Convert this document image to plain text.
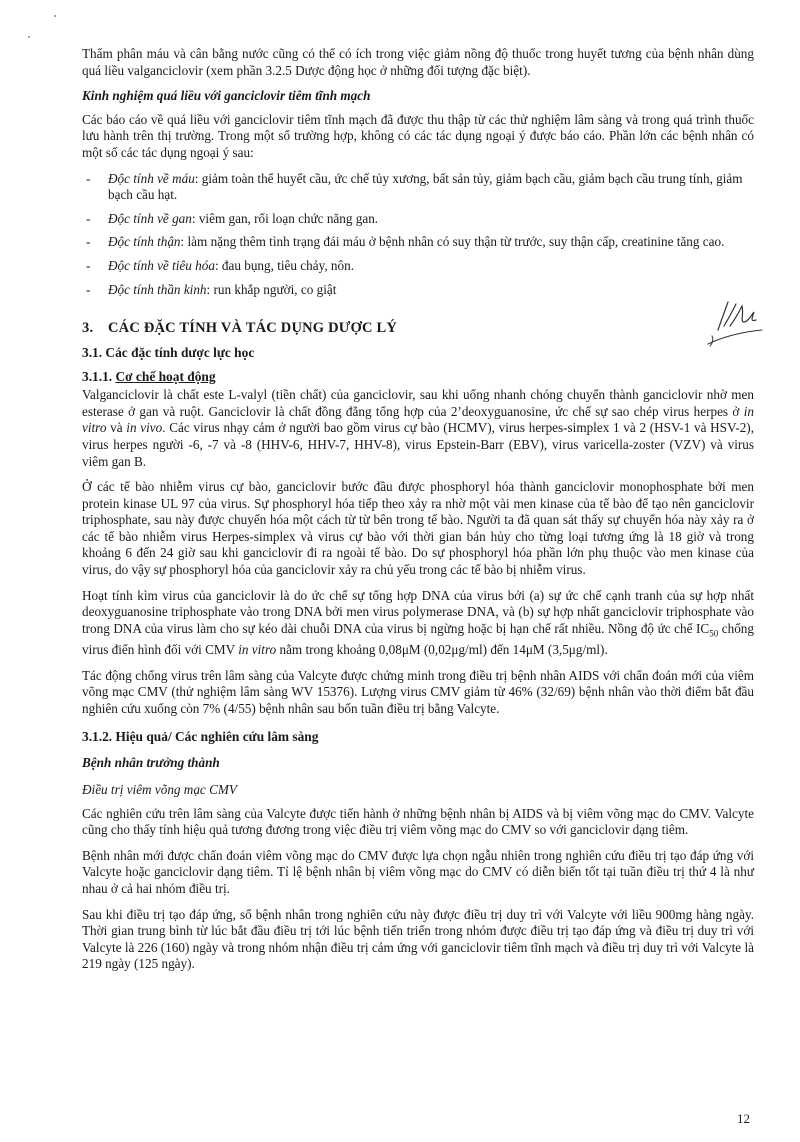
Thẩm phân máu và cân bằng nước cũng có thể có ích trong việc giảm nồng độ thuốc trong huyết tương của bệnh nhân dùng quá liều valganciclovir (xem phần 3.2.5 Dược động học ở những đối tượng đặc biệt).

Kinh nghiệm quá liều với ganciclovir tiêm tĩnh mạch

Các báo cáo về quá liều với ganciclovir tiêm tĩnh mạch đã được thu thập từ các thử nghiệm lâm sàng và trong quá trình thuốc lưu hành trên thị trường. Trong một số trường hợp, không có các tác dụng ngoại ý được báo cáo. Phần lớn các bệnh nhân có một số các tác dụng ngoại ý sau:

- Độc tính về máu: giảm toàn thể huyết cầu, ức chế tủy xương, bất sản tủy, giảm bạch cầu, giảm bạch cầu trung tính, giảm bạch cầu hạt.
- Độc tính về gan: viêm gan, rối loạn chức năng gan.
- Độc tính thận: làm nặng thêm tình trạng đái máu ở bệnh nhân có suy thận từ trước, suy thận cấp, creatinine tăng cao.
- Độc tính về tiêu hóa: đau bụng, tiêu chảy, nôn.
- Độc tính thần kinh: run khắp người, co giật
3. CÁC ĐẶC TÍNH VÀ TÁC DỤNG DƯỢC LÝ
3.1. Các đặc tính dược lực học
3.1.1. Cơ chế hoạt động

Valganciclovir là chất este L-valyl (tiền chất) của ganciclovir, sau khi uống nhanh chóng chuyển thành ganciclovir nhờ men esterase ở gan và ruột. Ganciclovir là chất đồng đẳng tổng hợp của 2’deoxyguanosine, ức chế sự sao chép virus herpes ở in vitro và in vivo. Các virus nhạy cảm ở người bao gồm virus cự bào (HCMV), virus herpes-simplex 1 và 2 (HSV-1 và HSV-2), virus herpes người -6, -7 và -8 (HHV-6, HHV-7, HHV-8), virus Epstein-Barr (EBV), virus varicella-zoster (VZV) và virus viêm gan B.

Ở các tế bào nhiễm virus cự bào, ganciclovir bước đầu được phosphoryl hóa thành ganciclovir monophosphate bởi men protein kinase UL 97 của virus. Sự phosphoryl hóa tiếp theo xảy ra nhờ một vài men kinase của tế bào để tạo nên ganciclovir triphosphate, sau này được chuyển hóa một cách từ từ bên trong tế bào. Người ta đã quan sát thấy sự chuyển hóa này xảy ra ở các tế bào nhiễm virus Herpes-simplex và virus cự bào với thời gian bán hủy cho từng loại tương ứng là 18 giờ và trong khoảng 6 đến 24 giờ sau khi ganciclovir đi ra ngoài tế bào. Do sự phosphoryl hóa phần lớn phụ thuộc vào men kinase của virus, do vậy sự phosphoryl hóa của ganciclovir xảy ra chủ yếu trong các tế bào bị nhiễm virus.

Hoạt tính kìm virus của ganciclovir là do ức chế sự tổng hợp DNA của virus bởi (a) sự ức chế cạnh tranh của sự hợp nhất deoxyguanosine triphosphate vào trong DNA bởi men virus polymerase DNA, và (b) sự hợp nhất ganciclovir triphosphate vào trong DNA của virus làm cho sự kéo dài chuỗi DNA của virus bị ngừng hoặc bị hạn chế rất nhiều. Nồng độ ức chế $IC_{50}$ chống virus điển hình đối với CMV in vitro nằm trong khoảng 0,08μM (0,02μg/ml) đến 14μM (3,5μg/ml).

Tác động chống virus trên lâm sàng của Valcyte được chứng minh trong điều trị bệnh nhân AIDS với chẩn đoán mới của viêm võng mạc CMV (thử nghiệm lâm sàng WV 15376). Lượng virus CMV giảm từ 46% (32/69) bệnh nhân vào thời điểm bắt đầu nghiên cứu xuống còn 7% (4/55) bệnh nhân sau bốn tuần điều trị bằng Valcyte.

3.1.2. Hiệu quả/ Các nghiên cứu lâm sàng

Bệnh nhân trưởng thành

Điều trị viêm võng mạc CMV

Các nghiên cứu trên lâm sàng của Valcyte được tiến hành ở những bệnh nhân bị AIDS và bị viêm võng mạc do CMV. Valcyte cũng cho thấy tính hiệu quả tương đương trong việc điều trị viêm võng mạc do CMV so với ganciclovir dạng tiêm.

Bệnh nhân mới được chẩn đoán viêm võng mạc do CMV được lựa chọn ngẫu nhiên trong nghiên cứu điều trị tạo đáp ứng với Valcyte hoặc ganciclovir dạng tiêm. Tỉ lệ bệnh nhân bị viêm võng mạc do CMV có diễn biến tốt tại tuần điều trị thứ 4 là như nhau ở cả hai nhóm điều trị.

Sau khi điều trị tạo đáp ứng, số bệnh nhân trong nghiên cứu này được điều trị duy trì với Valcyte với liều 900mg hàng ngày. Thời gian trung bình từ lúc bắt đầu điều trị tới lúc bệnh tiến triển trong nhóm được điều trị tạo đáp ứng và điều trị duy trì với Valcyte là 226 (160) ngày và trong nhóm nhận điều trị cảm ứng với ganciclovir tiêm tĩnh mạch và điều trị duy trì với Valcyte là 219 ngày (125 ngày).

12
